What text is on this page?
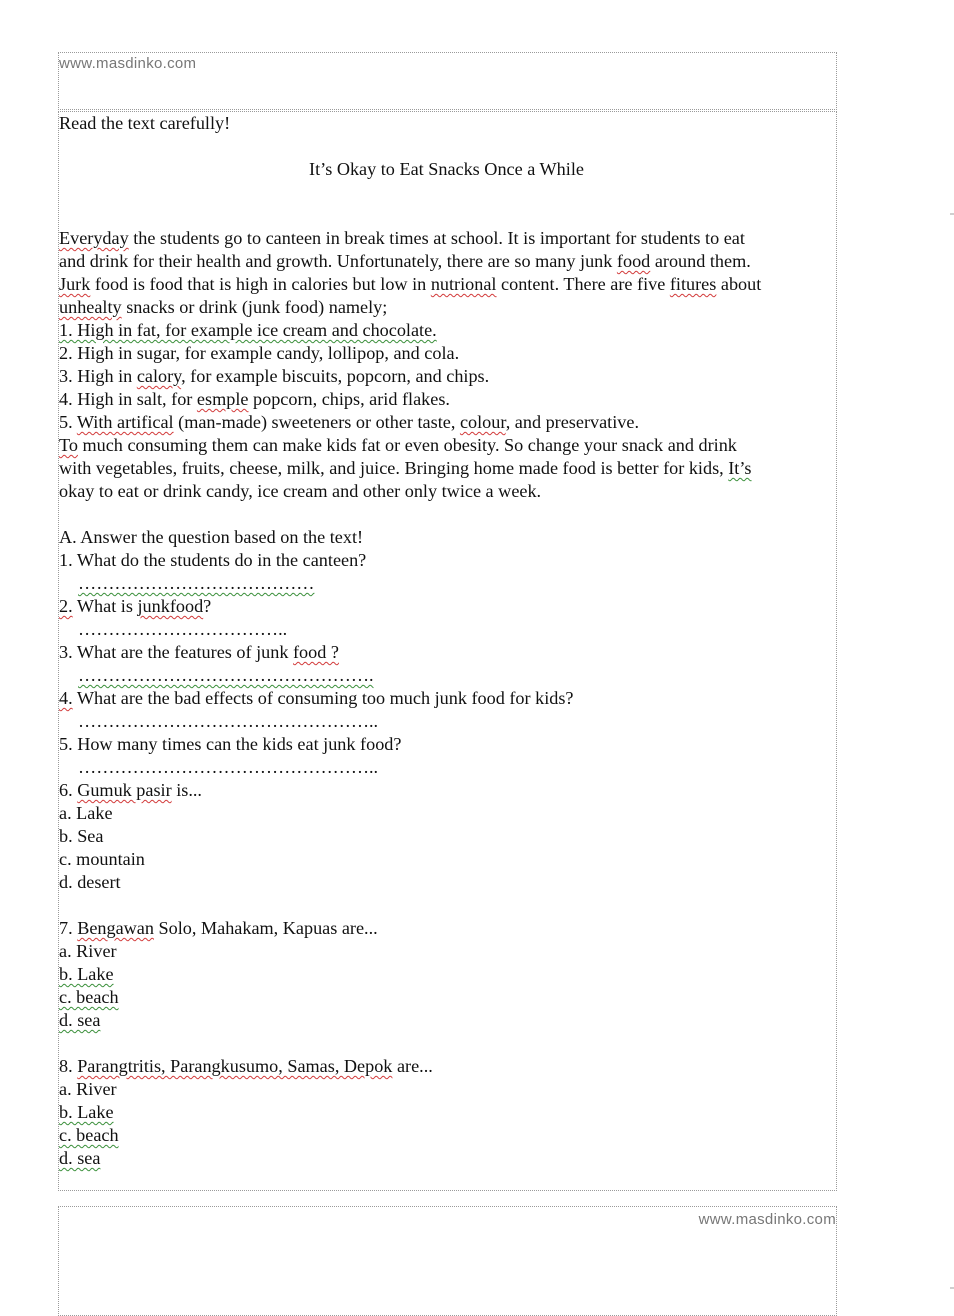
www.masdinko.com
www.masdinko.com
Read the text carefully!
It’s Okay to Eat Snacks Once a While
Everyday the students go to canteen in break times at school. It is important for students to eat
and drink for their health and growth. Unfortunately, there are so many junk food around them.
Jurk food is food that is high in calories but low in nutrional content. There are five fitures about
unhealty snacks or drink (junk food) namely;
1. High in fat, for example ice cream and chocolate.
2. High in sugar, for example candy, lollipop, and cola.
3. High in calory, for example biscuits, popcorn, and chips.
4. High in salt, for esmple popcorn, chips, arid flakes.
5. With artifical (man-made) sweeteners or other taste, colour, and preservative.
To much consuming them can make kids fat or even obesity. So change your snack and drink
with vegetables, fruits, cheese, milk, and juice. Bringing home made food is better for kids, It’s
okay to eat or drink candy, ice cream and other only twice a week.
A. Answer the question based on the text!
1. What do the students do in the canteen?
…………………………………
2. What is junkfood?
……………………………..
3. What are the features of junk food ?
………………………………………….
4. What are the bad effects of consuming too much junk food for kids?
…………………………………………..
5. How many times can the kids eat junk food?
…………………………………………..
6. Gumuk pasir is...
a. Lake
b. Sea
c. mountain
d. desert
7. Bengawan Solo, Mahakam, Kapuas are...
a. River
b. Lake
c. beach
d. sea
8. Parangtritis, Parangkusumo, Samas, Depok are...
a. River
b. Lake
c. beach
d. sea
